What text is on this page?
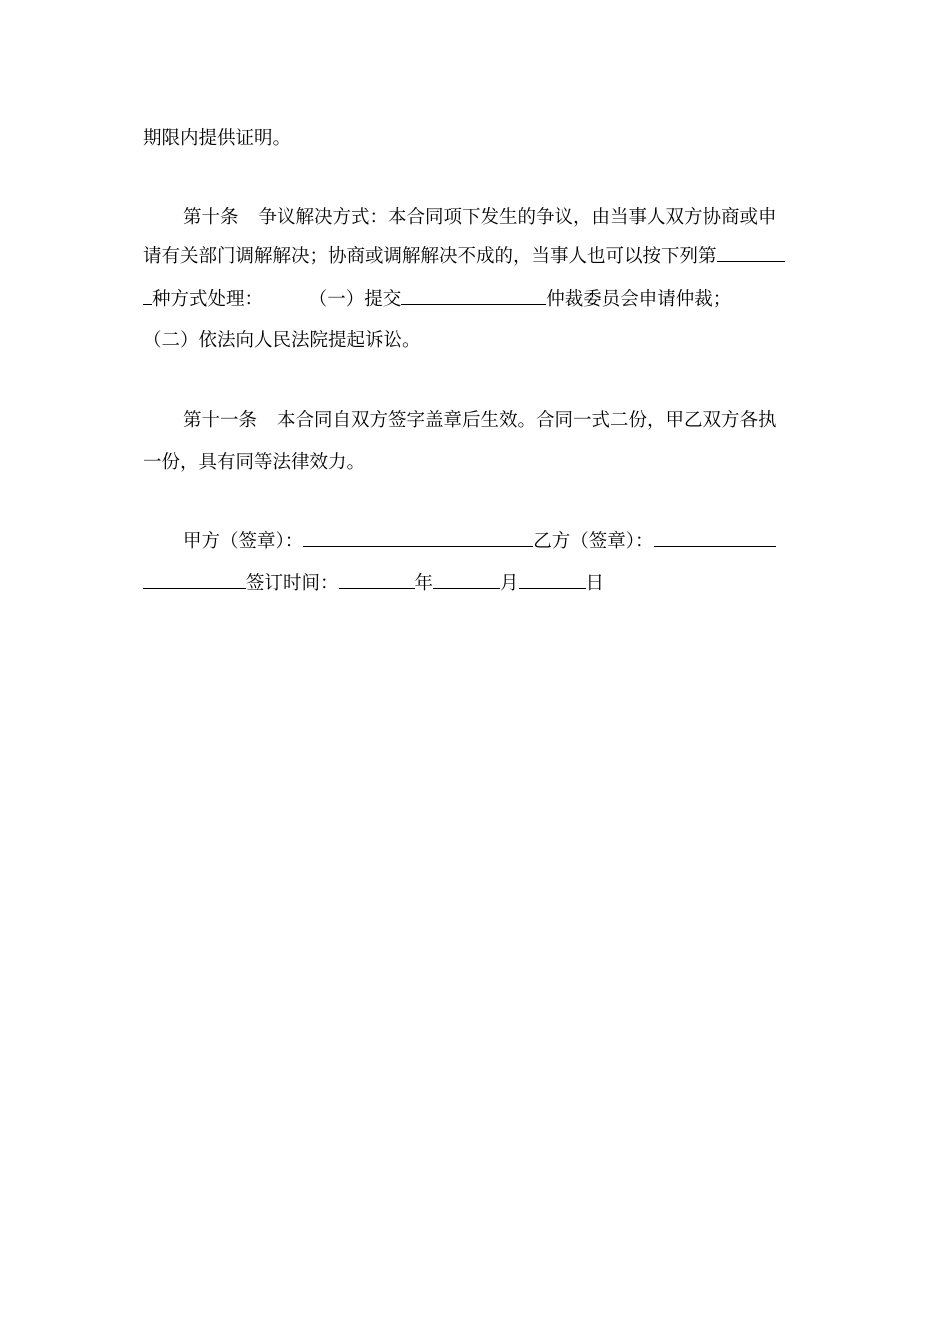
期限内提供证明。
第十条 争议解决方式：本合同项下发生的争议，由当事人双方协商或申
请有关部门调解解决；协商或调解解决不成的，当事人也可以按下列第
种方式处理：	（一）提交	仲裁委员会申请仲裁；
（二）依法向人民法院提起诉讼。
第十一条 本合同自双方签字盖章后生效。合同一式二份，甲乙双方各执
一份，具有同等法律效力。
甲方（签章）：	乙方（签章）：
签订时间：	年	月	日
